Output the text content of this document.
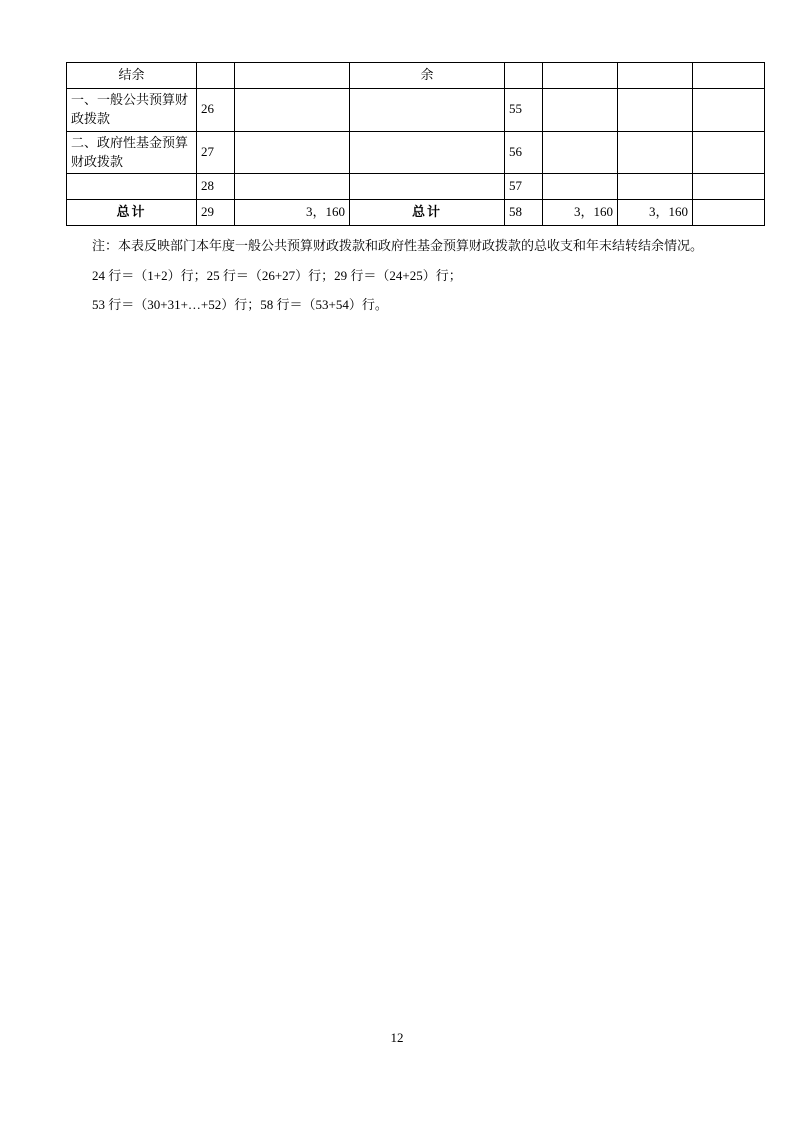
结余			余				
一、一般公共预算财政拨款	26			55			
二、政府性基金预算财政拨款	27			56			
	28			57			
总计	29	3，160	总计	58	3，160	3，160	

注：本表反映部门本年度一般公共预算财政拨款和政府性基金预算财政拨款的总收支和年末结转结余情况。

24 行＝（1+2）行；25 行＝（26+27）行；29 行＝（24+25）行；

53 行＝（30+31+…+52）行；58 行＝（53+54）行。

12
